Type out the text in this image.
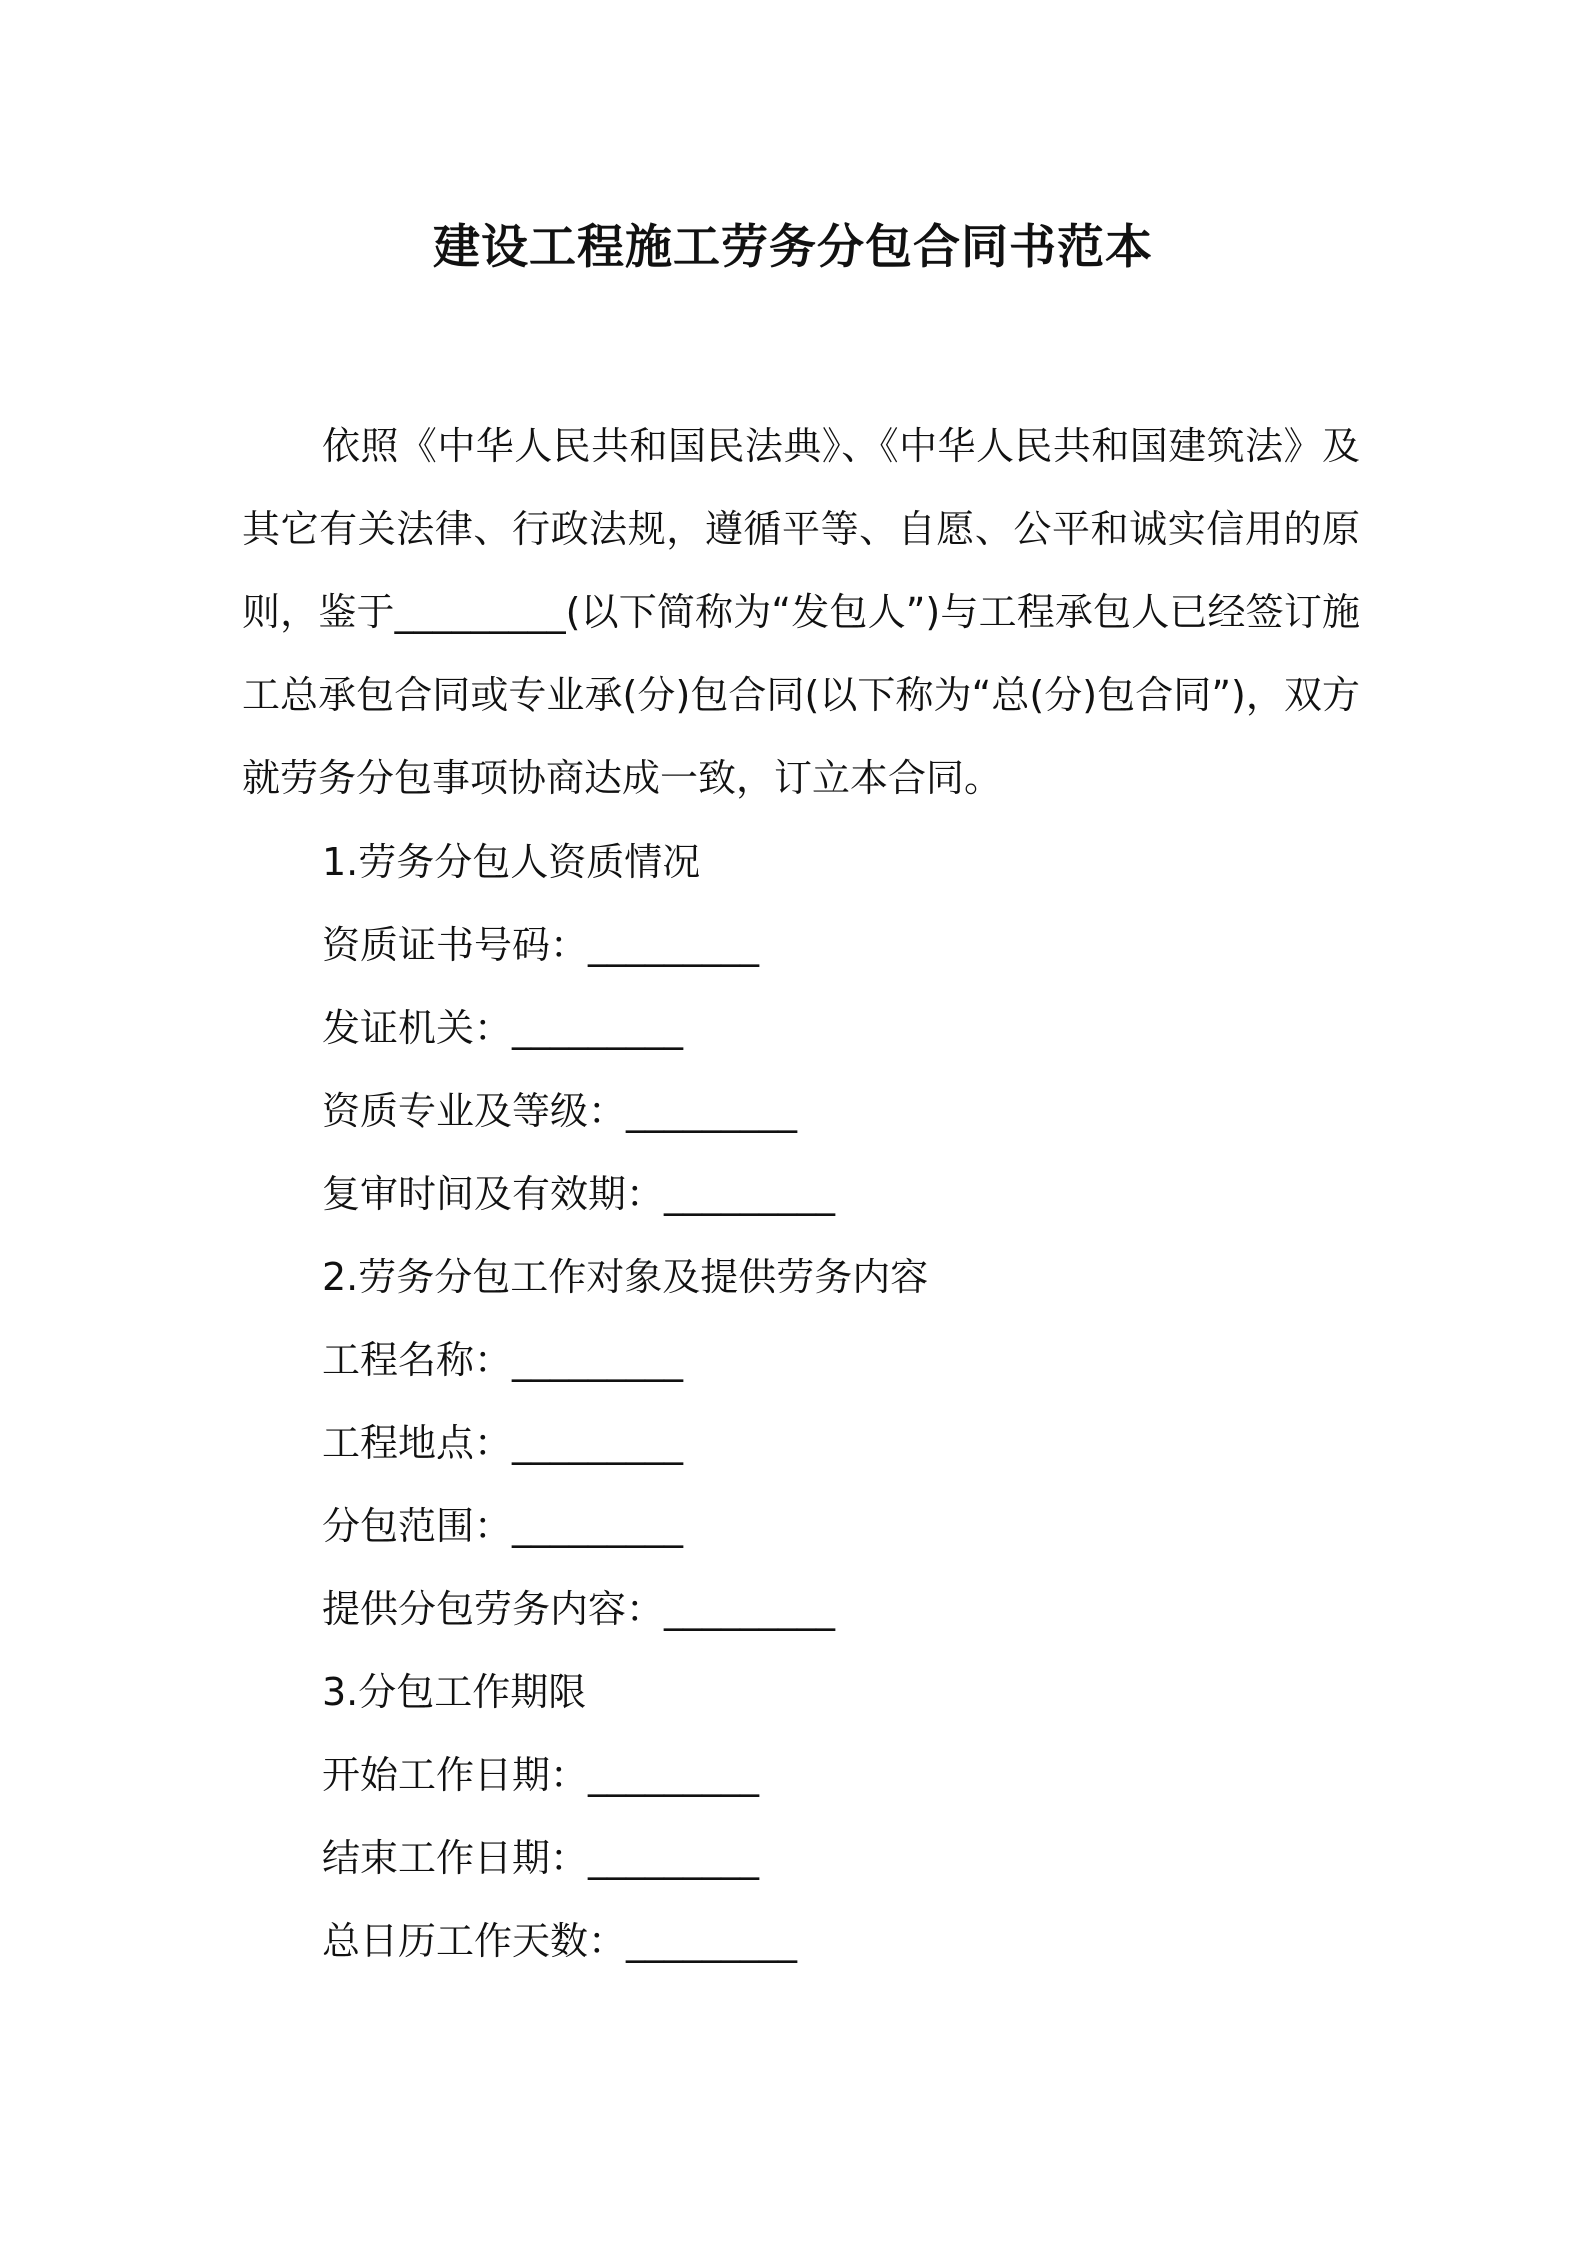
建设工程施工劳务分包合同书范本

依照《中华人民共和国民法典》、《中华人民共和国建筑法》及其它有关法律、行政法规，遵循平等、自愿、公平和诚实信用的原则，鉴于_________(以下简称为“发包人”)与工程承包人已经签订施工总承包合同或专业承(分)包合同(以下称为“总(分)包合同”)，双方就劳务分包事项协商达成一致，订立本合同。

1.劳务分包人资质情况
资质证书号码：_________
发证机关：_________
资质专业及等级：_________
复审时间及有效期：_________
2.劳务分包工作对象及提供劳务内容
工程名称：_________
工程地点：_________
分包范围：_________
提供分包劳务内容：_________
3.分包工作期限
开始工作日期：_________
结束工作日期：_________
总日历工作天数：_________
